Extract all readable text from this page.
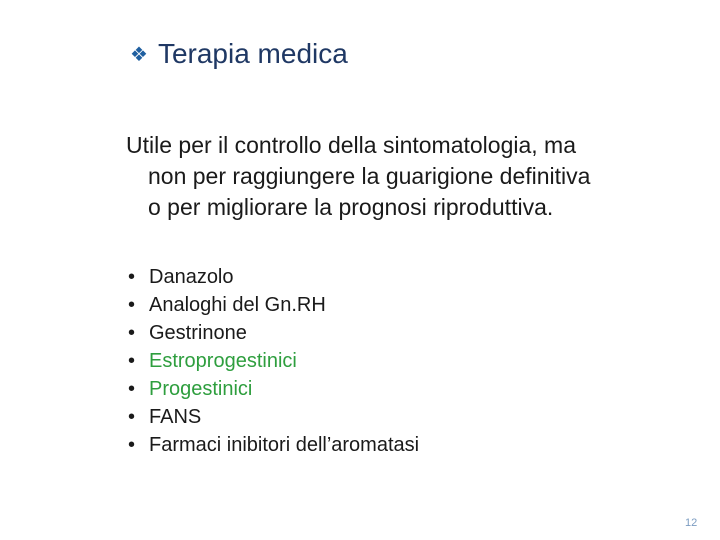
❖ Terapia medica
Utile per il controllo della sintomatologia, ma
non per raggiungere la guarigione definitiva
o per migliorare la prognosi riproduttiva.
• Danazolo
• Analoghi del Gn.RH
• Gestrinone
• Estroprogestinici
• Progestinici
• FANS
• Farmaci inibitori dell’aromatasi
12
